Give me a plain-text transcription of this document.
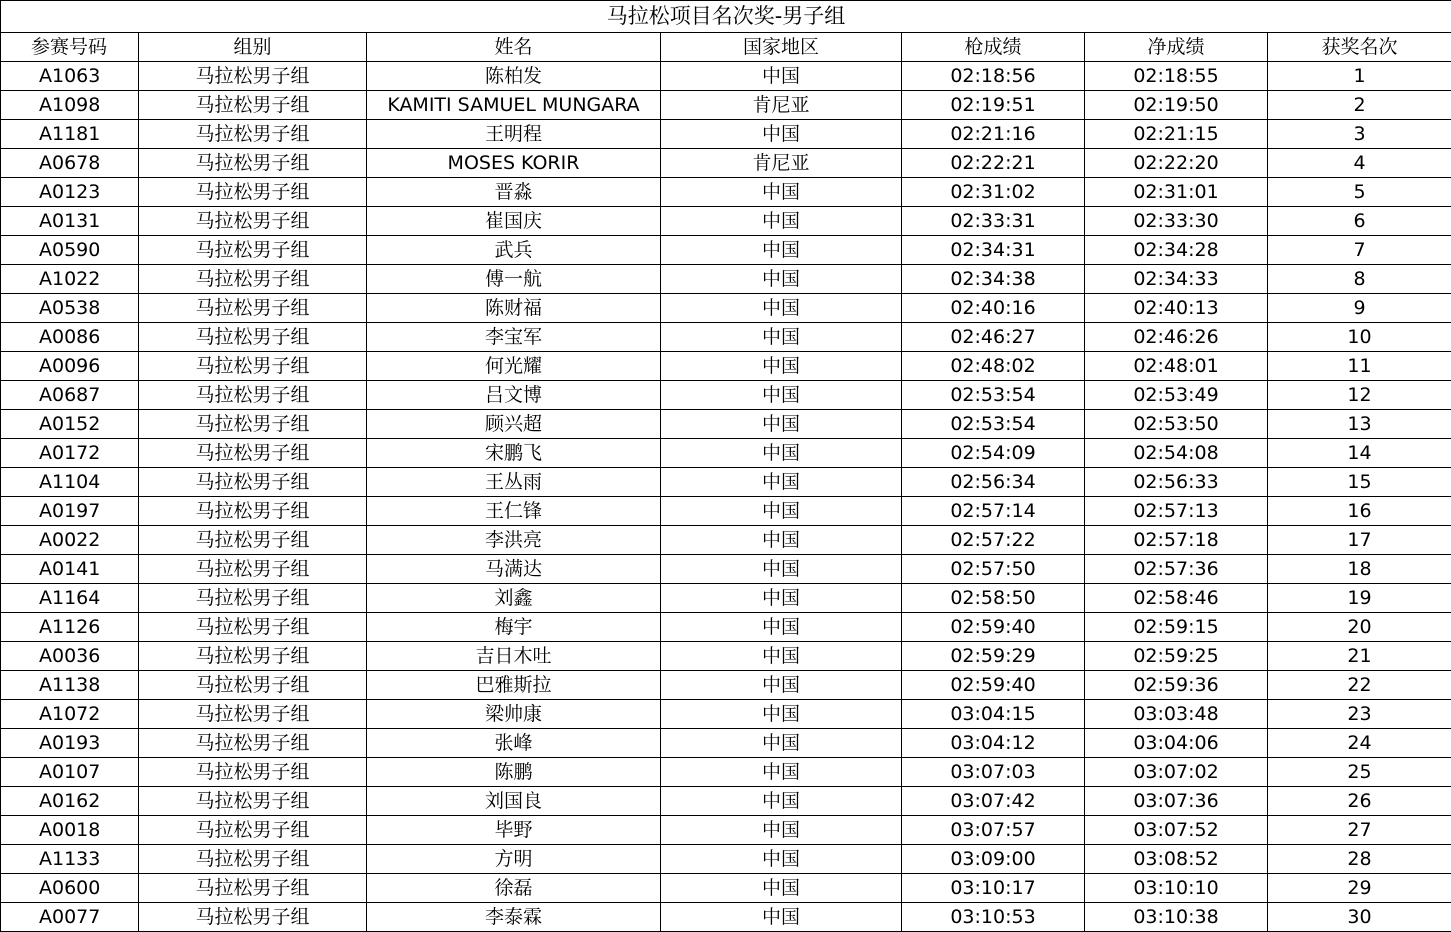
马拉松项目名次奖-男子组						
参赛号码	组别	姓名	国家地区	枪成绩	净成绩	获奖名次
A1063	马拉松男子组	陈柏发	中国	02:18:56	02:18:55	1
A1098	马拉松男子组	KAMITI SAMUEL MUNGARA	肯尼亚	02:19:51	02:19:50	2
A1181	马拉松男子组	王明程	中国	02:21:16	02:21:15	3
A0678	马拉松男子组	MOSES KORIR	肯尼亚	02:22:21	02:22:20	4
A0123	马拉松男子组	晋淼	中国	02:31:02	02:31:01	5
A0131	马拉松男子组	崔国庆	中国	02:33:31	02:33:30	6
A0590	马拉松男子组	武兵	中国	02:34:31	02:34:28	7
A1022	马拉松男子组	傅一航	中国	02:34:38	02:34:33	8
A0538	马拉松男子组	陈财福	中国	02:40:16	02:40:13	9
A0086	马拉松男子组	李宝军	中国	02:46:27	02:46:26	10
A0096	马拉松男子组	何光耀	中国	02:48:02	02:48:01	11
A0687	马拉松男子组	吕文博	中国	02:53:54	02:53:49	12
A0152	马拉松男子组	顾兴超	中国	02:53:54	02:53:50	13
A0172	马拉松男子组	宋鹏飞	中国	02:54:09	02:54:08	14
A1104	马拉松男子组	王丛雨	中国	02:56:34	02:56:33	15
A0197	马拉松男子组	王仁锋	中国	02:57:14	02:57:13	16
A0022	马拉松男子组	李洪亮	中国	02:57:22	02:57:18	17
A0141	马拉松男子组	马满达	中国	02:57:50	02:57:36	18
A1164	马拉松男子组	刘鑫	中国	02:58:50	02:58:46	19
A1126	马拉松男子组	梅宇	中国	02:59:40	02:59:15	20
A0036	马拉松男子组	吉日木吐	中国	02:59:29	02:59:25	21
A1138	马拉松男子组	巴雅斯拉	中国	02:59:40	02:59:36	22
A1072	马拉松男子组	梁帅康	中国	03:04:15	03:03:48	23
A0193	马拉松男子组	张峰	中国	03:04:12	03:04:06	24
A0107	马拉松男子组	陈鹏	中国	03:07:03	03:07:02	25
A0162	马拉松男子组	刘国良	中国	03:07:42	03:07:36	26
A0018	马拉松男子组	毕野	中国	03:07:57	03:07:52	27
A1133	马拉松男子组	方明	中国	03:09:00	03:08:52	28
A0600	马拉松男子组	徐磊	中国	03:10:17	03:10:10	29
A0077	马拉松男子组	李泰霖	中国	03:10:53	03:10:38	30
